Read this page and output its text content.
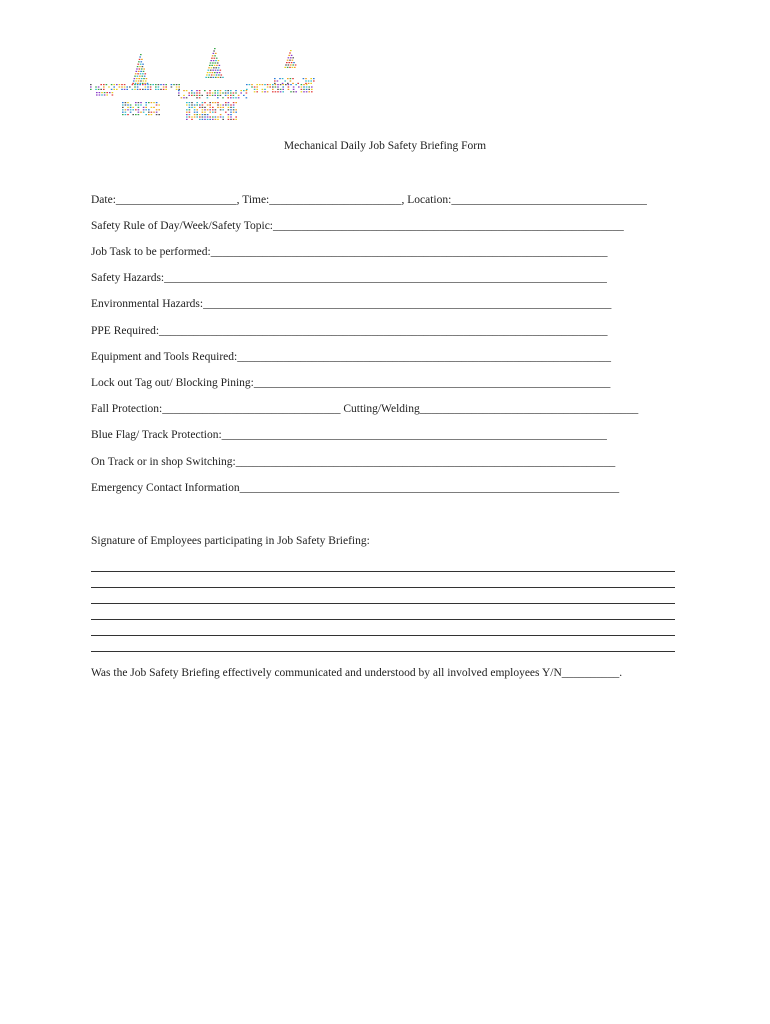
Mechanical Daily Job Safety Briefing Form
Date:_____________________, Time:_______________________, Location:__________________________________
Safety Rule of Day/Week/Safety Topic:_____________________________________________________________
Job Task to be performed:_____________________________________________________________________
Safety Hazards:_____________________________________________________________________________
Environmental Hazards:_______________________________________________________________________
PPE Required:______________________________________________________________________________
Equipment and Tools Required:_________________________________________________________________
Lock out Tag out/ Blocking Pining:______________________________________________________________
Fall Protection:_______________________________ Cutting/Welding______________________________________
Blue Flag/ Track Protection:___________________________________________________________________
On Track or in shop Switching:__________________________________________________________________
Emergency Contact Information__________________________________________________________________
Signature of Employees participating in Job Safety Briefing:
Was the Job Safety Briefing effectively communicated and understood by all involved employees Y/N__________.
